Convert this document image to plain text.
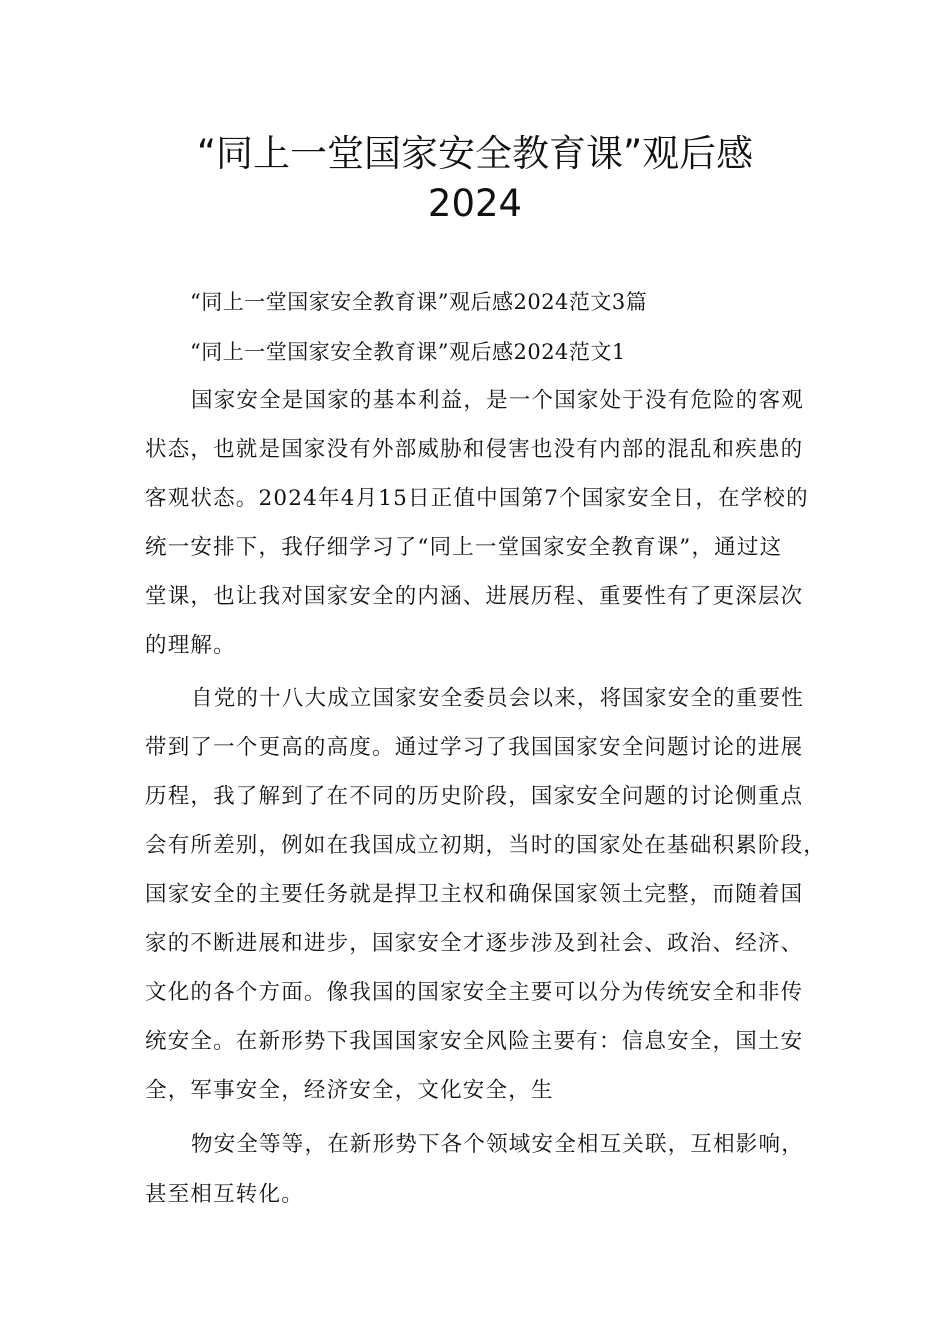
“同上一堂国家安全教育课”观后感
2024
“同上一堂国家安全教育课”观后感2024范文3篇
“同上一堂国家安全教育课”观后感2024范文1
国家安全是国家的基本利益，是一个国家处于没有危险的客观
状态，也就是国家没有外部威胁和侵害也没有内部的混乱和疾患的
客观状态。2024年4月15日正值中国第7个国家安全日，在学校的
统一安排下，我仔细学习了“同上一堂国家安全教育课”，通过这
堂课，也让我对国家安全的内涵、进展历程、重要性有了更深层次
的理解。
自党的十八大成立国家安全委员会以来，将国家安全的重要性
带到了一个更高的高度。通过学习了我国国家安全问题讨论的进展
历程，我了解到了在不同的历史阶段，国家安全问题的讨论侧重点
会有所差别，例如在我国成立初期，当时的国家处在基础积累阶段，
国家安全的主要任务就是捍卫主权和确保国家领土完整，而随着国
家的不断进展和进步，国家安全才逐步涉及到社会、政治、经济、
文化的各个方面。像我国的国家安全主要可以分为传统安全和非传
统安全。在新形势下我国国家安全风险主要有：信息安全，国土安
全，军事安全，经济安全，文化安全，生
物安全等等，在新形势下各个领域安全相互关联，互相影响，
甚至相互转化。
